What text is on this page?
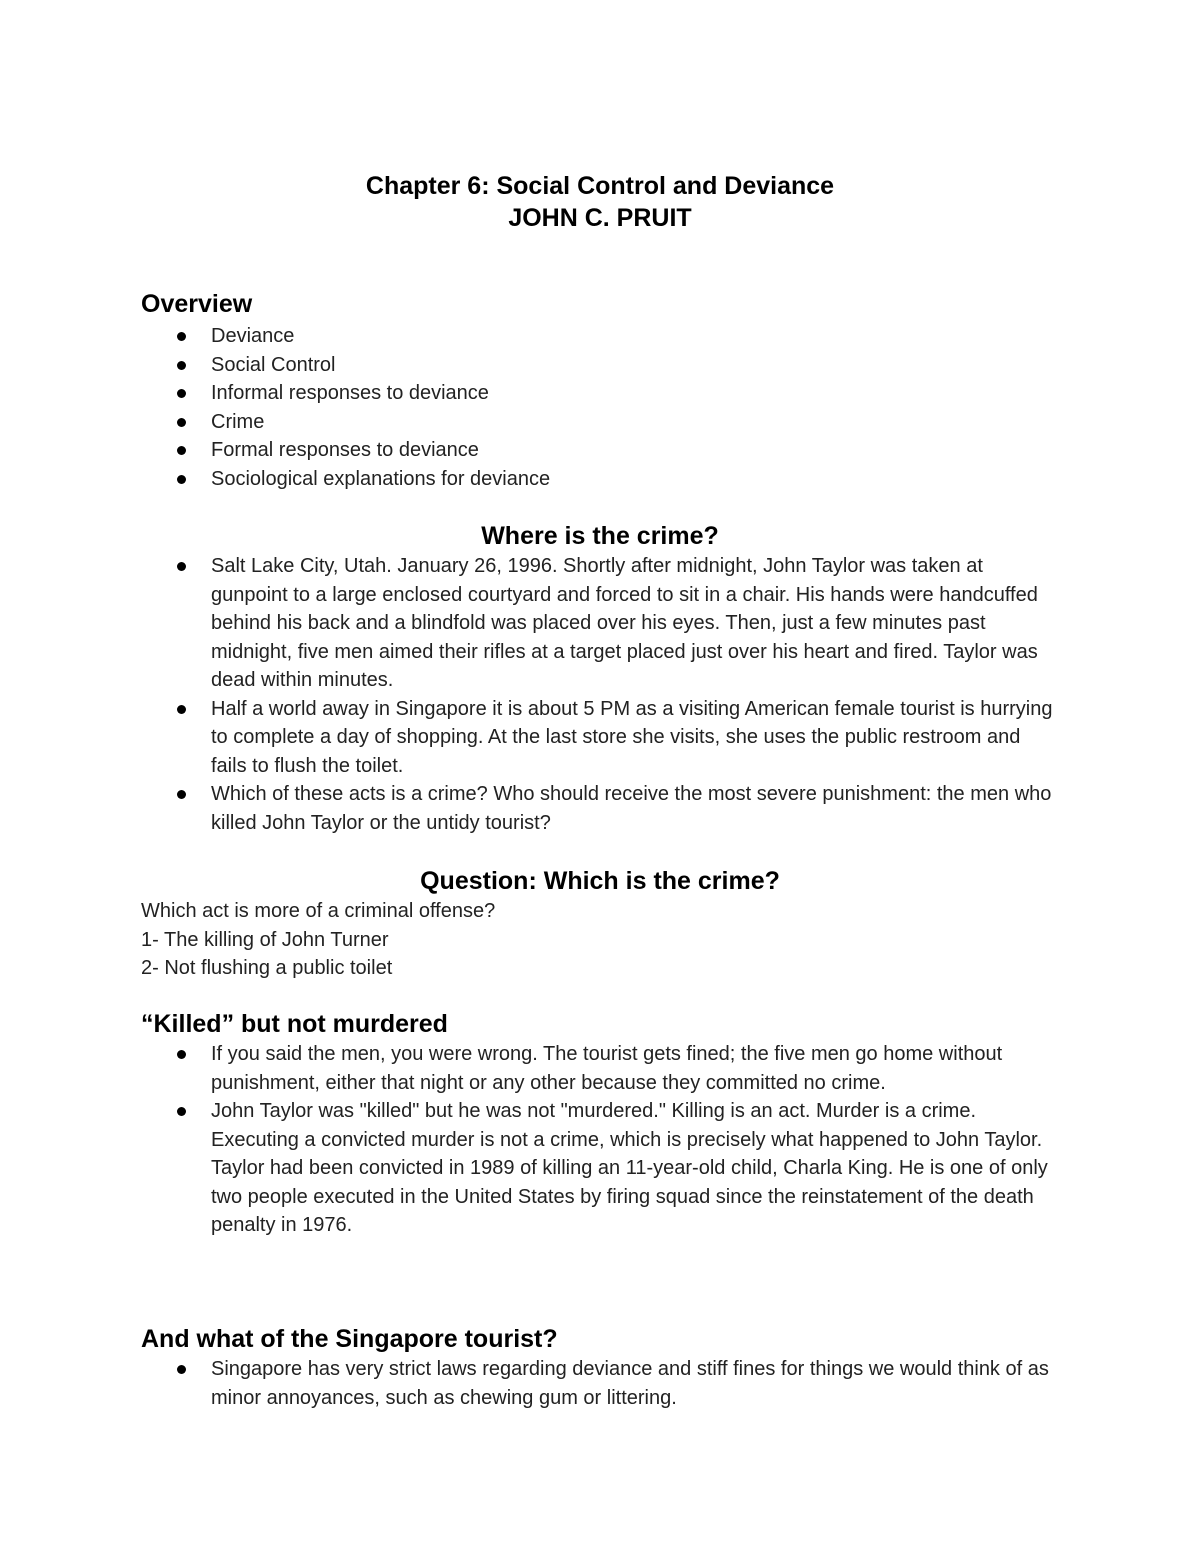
Chapter 6: Social Control and Deviance

JOHN C. PRUIT

Overview

Deviance
Social Control
Informal responses to deviance
Crime
Formal responses to deviance
Sociological explanations for deviance

Where is the crime?

Salt Lake City, Utah. January 26, 1996. Shortly after midnight, John Taylor was taken at gunpoint to a large enclosed courtyard and forced to sit in a chair. His hands were handcuffed behind his back and a blindfold was placed over his eyes. Then, just a few minutes past midnight, five men aimed their rifles at a target placed just over his heart and fired. Taylor was dead within minutes.
Half a world away in Singapore it is about 5 PM as a visiting American female tourist is hurrying to complete a day of shopping. At the last store she visits, she uses the public restroom and fails to flush the toilet.
Which of these acts is a crime? Who should receive the most severe punishment: the men who killed John Taylor or the untidy tourist?

Question: Which is the crime?

Which act is more of a criminal offense?

1- The killing of John Turner

2- Not flushing a public toilet

“Killed” but not murdered

If you said the men, you were wrong. The tourist gets fined; the five men go home without punishment, either that night or any other because they committed no crime.
John Taylor was "killed" but he was not "murdered." Killing is an act. Murder is a crime. Executing a convicted murder is not a crime, which is precisely what happened to John Taylor. Taylor had been convicted in 1989 of killing an 11-year-old child, Charla King. He is one of only two people executed in the United States by firing squad since the reinstatement of the death penalty in 1976.

And what of the Singapore tourist?

Singapore has very strict laws regarding deviance and stiff fines for things we would think of as minor annoyances, such as chewing gum or littering.
